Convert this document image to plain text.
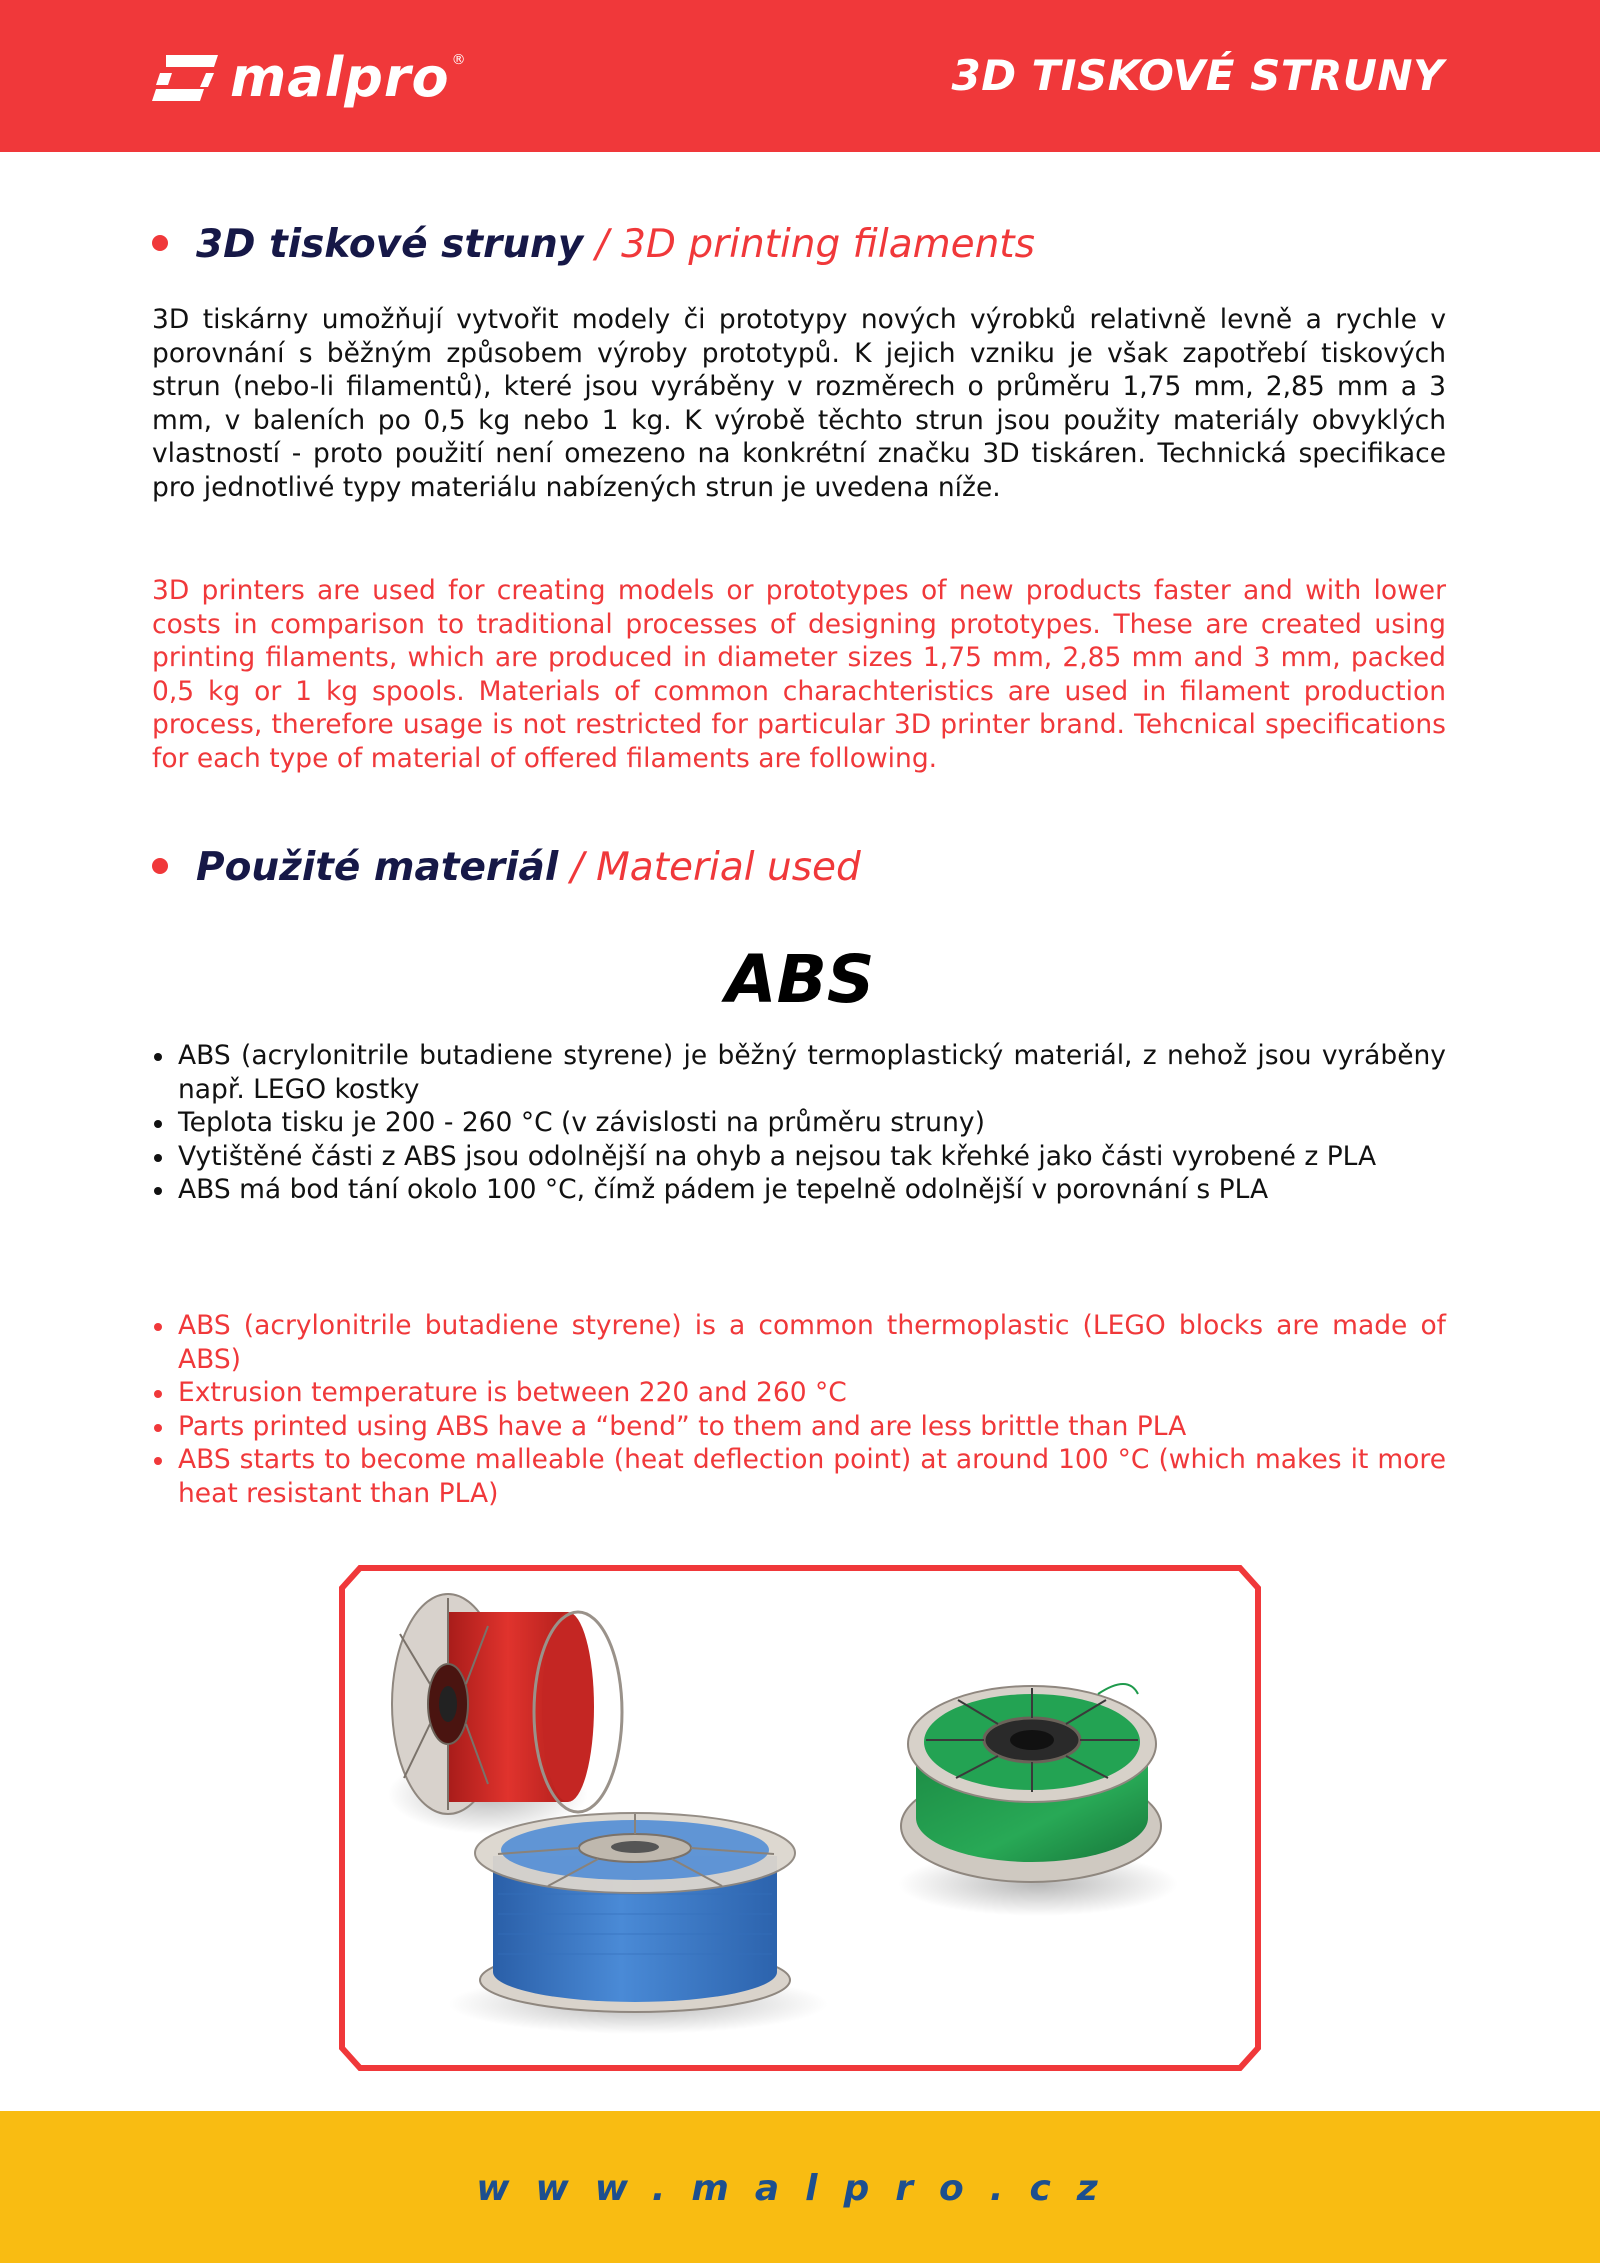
malpro ®	3D TISKOVÉ STRUNY
3D tiskové struny / 3D printing filaments

3D tiskárny umožňují vytvořit modely či prototypy nových výrobků relativně levně a rychle v porovnání s běžným způsobem výroby prototypů. K jejich vzniku je však zapotřebí tiskových strun (nebo-li filamentů), které jsou vyráběny v rozměrech o průměru 1,75 mm, 2,85 mm a 3 mm, v baleních po 0,5 kg nebo 1 kg. K výrobě těchto strun jsou použity materiály obvyklých vlastností - proto použití není omezeno na konkrétní značku 3D tiskáren. Technická specifikace pro jednotlivé typy materiálu nabízených strun je uvedena níže.

3D printers are used for creating models or prototypes of new products faster and with lower costs in comparison to traditional processes of designing prototypes. These are created using printing filaments, which are produced in diameter sizes 1,75 mm, 2,85 mm and 3 mm, packed 0,5 kg or 1 kg spools. Materials of common charachteristics are used in filament production process, therefore usage is not restricted for particular 3D printer brand. Tehcnical specifications for each type of material of offered filaments are following.

Použité materiál / Material used
ABS
ABS (acrylonitrile butadiene styrene) je běžný termoplastický materiál, z nehož jsou vyráběny např. LEGO kostky
Teplota tisku je 200 - 260 °C (v závislosti na průměru struny)
Vytištěné části z ABS jsou odolnější na ohyb a nejsou tak křehké jako části vyrobené z PLA
ABS má bod tání okolo 100 °C, čímž pádem je tepelně odolnější v porovnání s PLA
ABS (acrylonitrile butadiene styrene) is a common thermoplastic (LEGO blocks are made of ABS)
Extrusion temperature is between 220 and 260 °C
Parts printed using ABS have a “bend” to them and are less brittle than PLA
ABS starts to become malleable (heat deflection point) at around 100 °C (which makes it more heat resistant than PLA)
www.malpro.cz
